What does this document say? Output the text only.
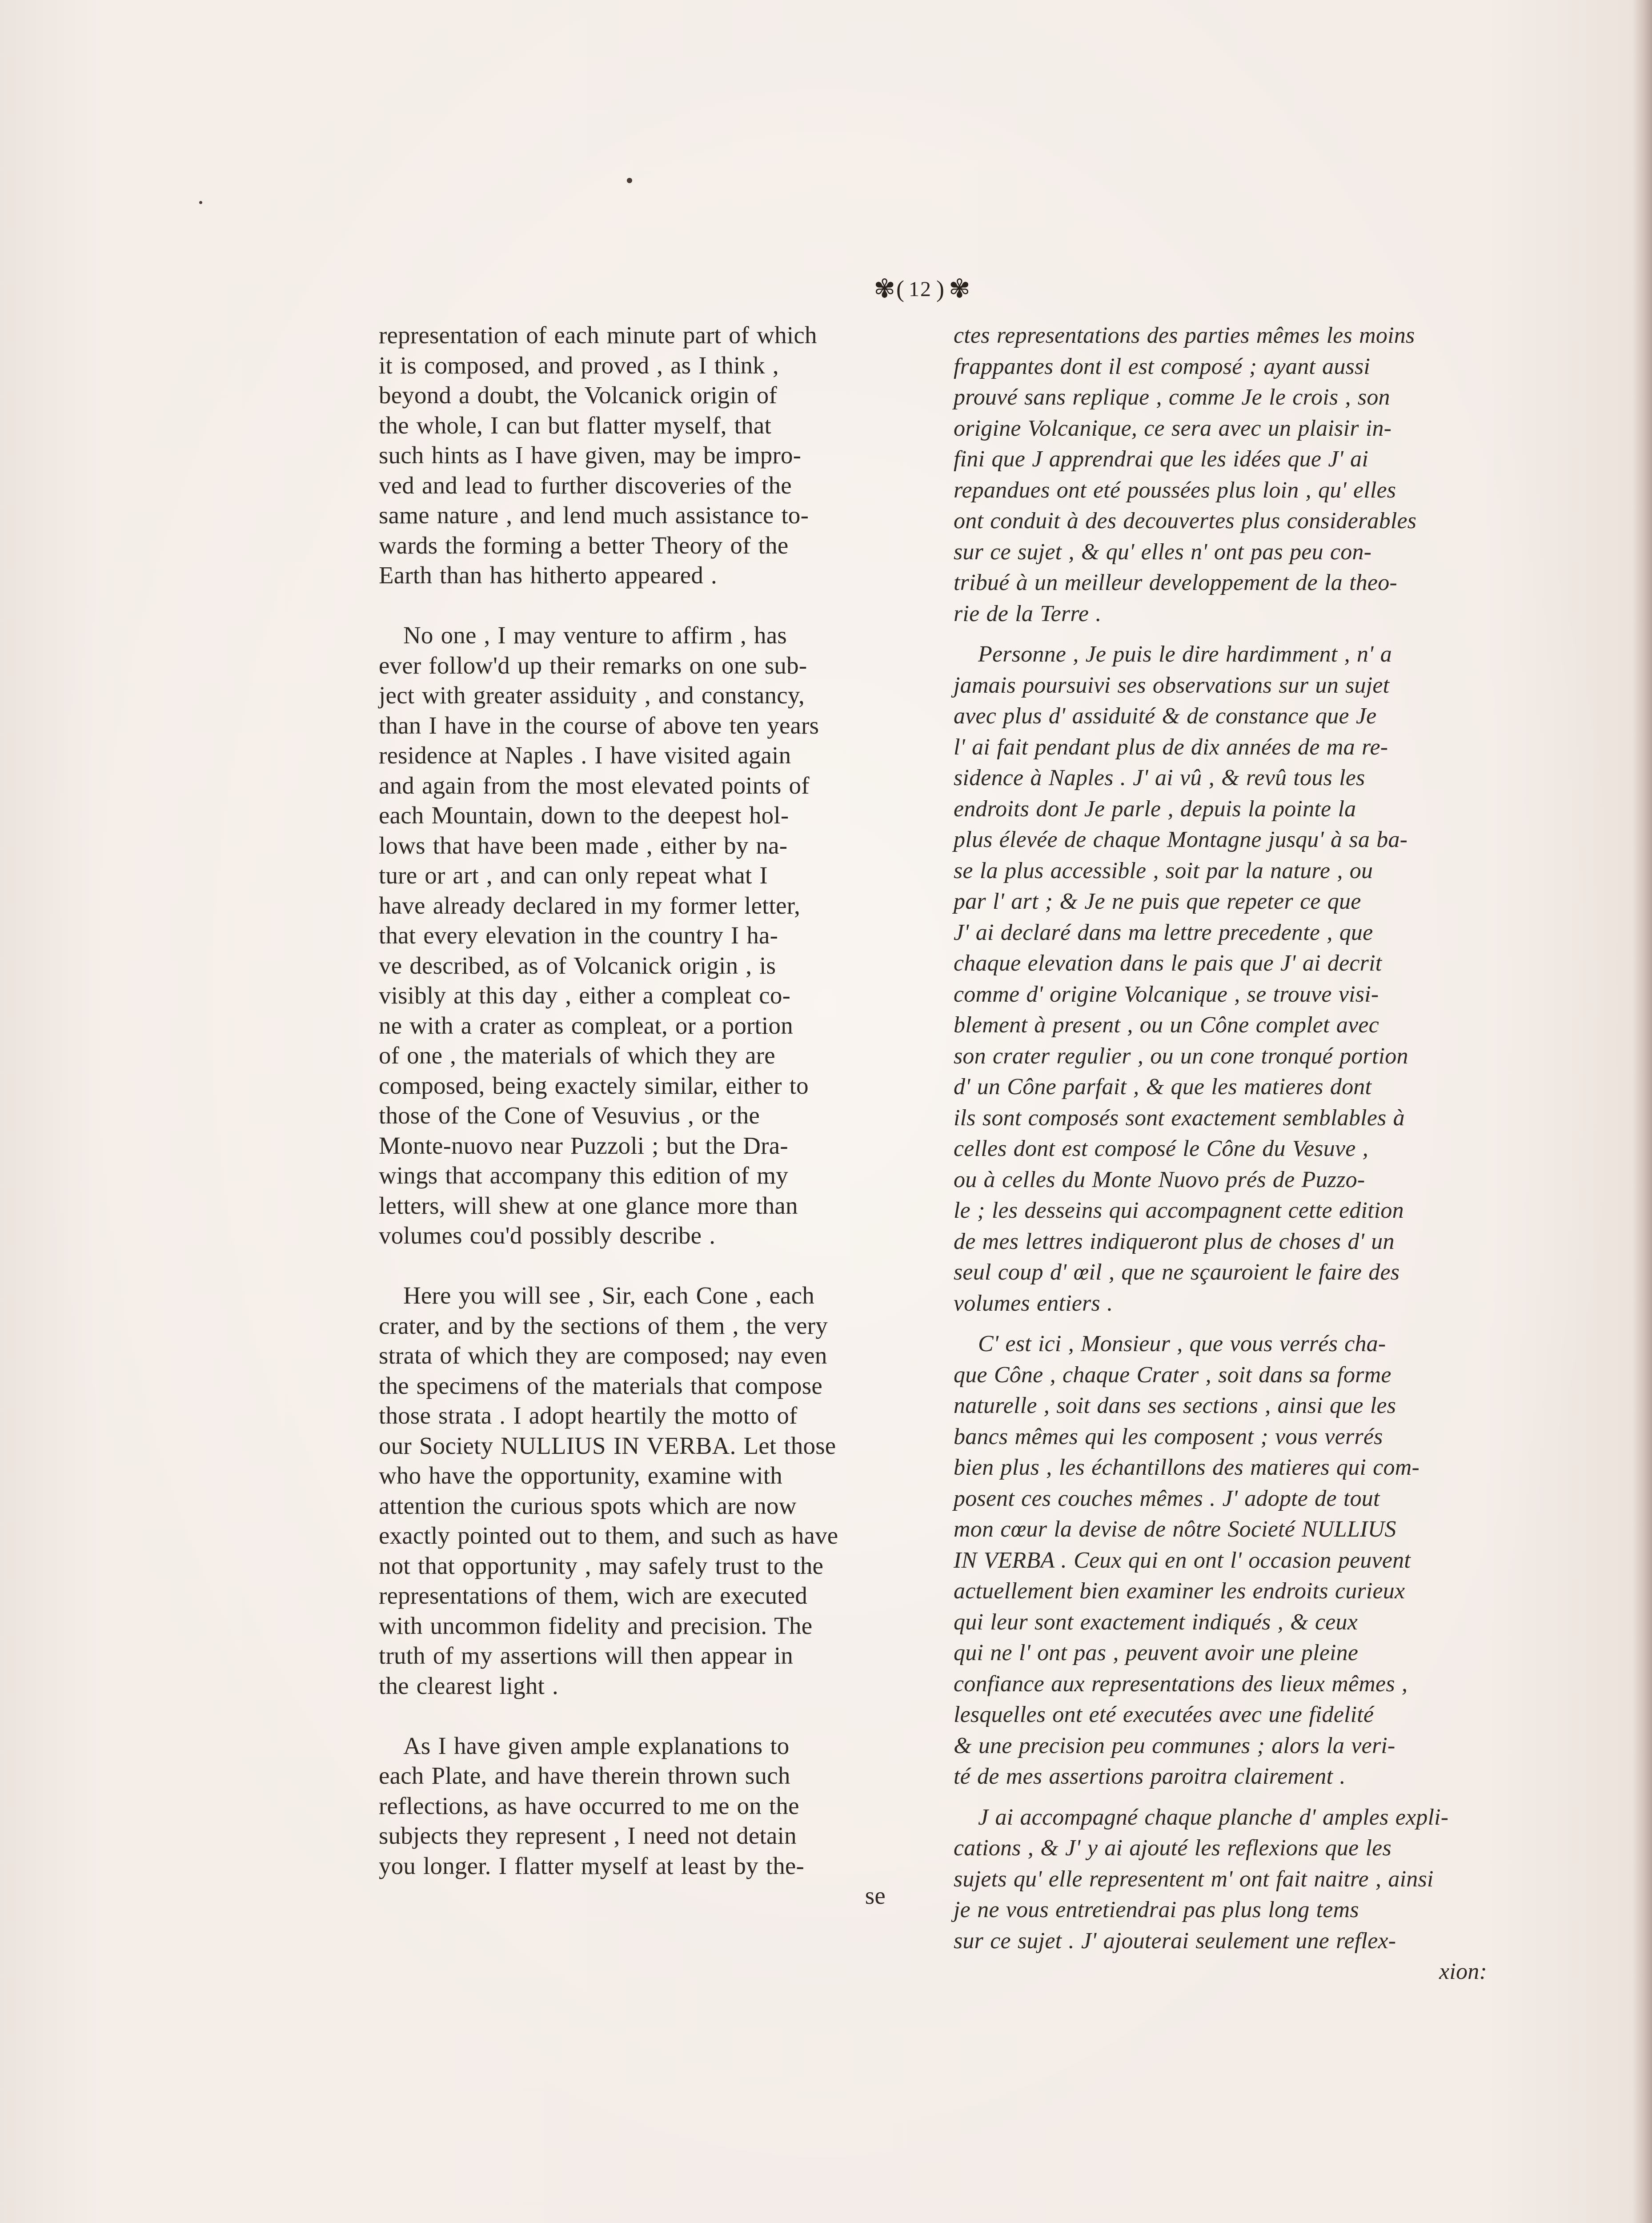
✾ ( 12 ) ✾
representation of each minute part of which
it is composed, and proved , as I think ,
beyond a doubt, the Volcanick origin of
the whole, I can but flatter myself, that
such hints as I have given, may be impro-
ved and lead to further discoveries of the
same nature , and lend much assistance to-
wards the forming a better Theory of the
Earth than has hitherto appeared .
No one , I may venture to affirm , has
ever follow'd up their remarks on one sub-
ject with greater assiduity , and constancy,
than I have in the course of above ten years
residence at Naples . I have visited again
and again from the most elevated points of
each Mountain, down to the deepest hol-
lows that have been made , either by na-
ture or art , and can only repeat what I
have already declared in my former letter,
that every elevation in the country I ha-
ve described, as of Volcanick origin , is
visibly at this day , either a compleat co-
ne with a crater as compleat, or a portion
of one , the materials of which they are
composed, being exactely similar, either to
those of the Cone of Vesuvius , or the
Monte-nuovo near Puzzoli ; but the Dra-
wings that accompany this edition of my
letters, will shew at one glance more than
volumes cou'd possibly describe .
Here you will see , Sir, each Cone , each
crater, and by the sections of them , the very
strata of which they are composed; nay even
the specimens of the materials that compose
those strata . I adopt heartily the motto of
our Society NULLIUS IN VERBA. Let those
who have the opportunity, examine with
attention the curious spots which are now
exactly pointed out to them, and such as have
not that opportunity , may safely trust to the
representations of them, wich are executed
with uncommon fidelity and precision. The
truth of my assertions will then appear in
the clearest light .
As I have given ample explanations to
each Plate, and have therein thrown such
reflections, as have occurred to me on the
subjects they represent , I need not detain
you longer. I flatter myself at least by the-
se
ctes representations des parties mêmes les moins
frappantes dont il est composé ; ayant aussi
prouvé sans replique , comme Je le crois , son
origine Volcanique, ce sera avec un plaisir in-
fini que J apprendrai que les idées que J' ai
repandues ont eté poussées plus loin , qu' elles
ont conduit à des decouvertes plus considerables
sur ce sujet , & qu' elles n' ont pas peu con-
tribué à un meilleur developpement de la theo-
rie de la Terre .
Personne , Je puis le dire hardimment , n' a
jamais poursuivi ses observations sur un sujet
avec plus d' assiduité & de constance que Je
l' ai fait pendant plus de dix années de ma re-
sidence à Naples . J' ai vû , & revû tous les
endroits dont Je parle , depuis la pointe la
plus élevée de chaque Montagne jusqu' à sa ba-
se la plus accessible , soit par la nature , ou
par l' art ; & Je ne puis que repeter ce que
J' ai declaré dans ma lettre precedente , que
chaque elevation dans le pais que J' ai decrit
comme d' origine Volcanique , se trouve visi-
blement à present , ou un Cône complet avec
son crater regulier , ou un cone tronqué portion
d' un Cône parfait , & que les matieres dont
ils sont composés sont exactement semblables à
celles dont est composé le Cône du Vesuve ,
ou à celles du Monte Nuovo prés de Puzzo-
le ; les desseins qui accompagnent cette edition
de mes lettres indiqueront plus de choses d' un
seul coup d' œil , que ne sçauroient le faire des
volumes entiers .
C' est ici , Monsieur , que vous verrés cha-
que Cône , chaque Crater , soit dans sa forme
naturelle , soit dans ses sections , ainsi que les
bancs mêmes qui les composent ; vous verrés
bien plus , les échantillons des matieres qui com-
posent ces couches mêmes . J' adopte de tout
mon cœur la devise de nôtre Societé NULLIUS
IN VERBA . Ceux qui en ont l' occasion peuvent
actuellement bien examiner les endroits curieux
qui leur sont exactement indiqués , & ceux
qui ne l' ont pas , peuvent avoir une pleine
confiance aux representations des lieux mêmes ,
lesquelles ont eté executées avec une fidelité
& une precision peu communes ; alors la veri-
té de mes assertions paroitra clairement .
J ai accompagné chaque planche d' amples expli-
cations , & J' y ai ajouté les reflexions que les
sujets qu' elle representent m' ont fait naitre , ainsi
je ne vous entretiendrai pas plus long tems
sur ce sujet . J' ajouterai seulement une reflex-
xion:
